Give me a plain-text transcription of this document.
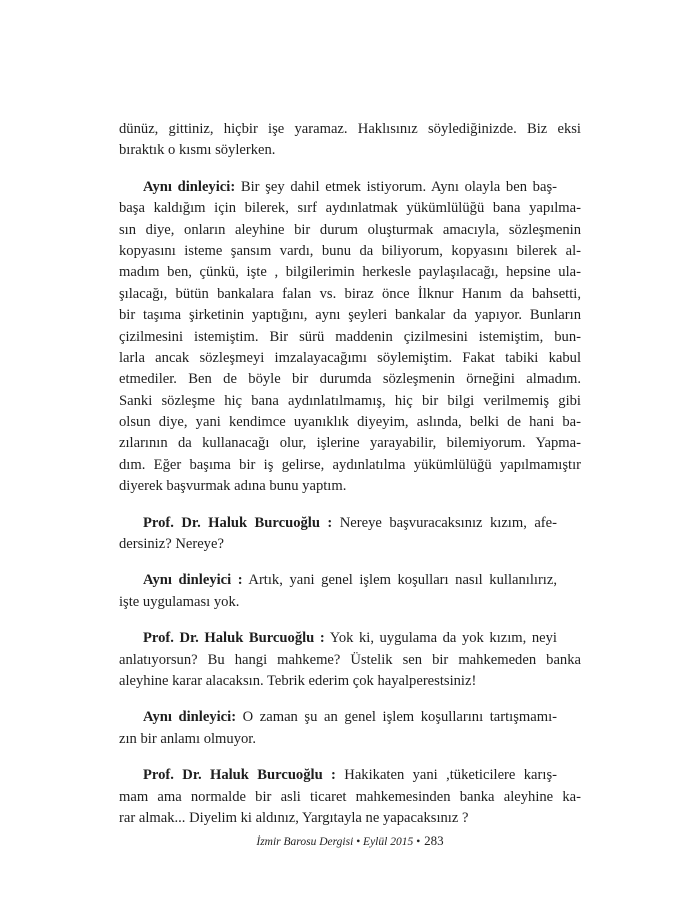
dünüz, gittiniz, hiçbir işe yaramaz. Haklısınız söylediğinizde. Biz eksi
bıraktık o kısmı söylerken.
Aynı dinleyici: Bir şey dahil etmek istiyorum. Aynı olayla ben baş-
başa kaldığım için bilerek, sırf aydınlatmak yükümlülüğü bana yapılma-
sın diye, onların aleyhine bir durum oluşturmak amacıyla, sözleşmenin
kopyasını isteme şansım vardı, bunu da biliyorum, kopyasını bilerek al-
madım ben, çünkü, işte , bilgilerimin herkesle paylaşılacağı, hepsine ula-
şılacağı, bütün bankalara falan vs. biraz önce İlknur Hanım da bahsetti,
bir taşıma şirketinin yaptığını, aynı şeyleri bankalar da yapıyor. Bunların
çizilmesini istemiştim. Bir sürü maddenin çizilmesini istemiştim, bun-
larla ancak sözleşmeyi imzalayacağımı söylemiştim. Fakat tabiki kabul
etmediler. Ben de böyle bir durumda sözleşmenin örneğini almadım.
Sanki sözleşme hiç bana aydınlatılmamış, hiç bir bilgi verilmemiş gibi
olsun diye, yani kendimce uyanıklık diyeyim, aslında, belki de hani ba-
zılarının da kullanacağı olur, işlerine yarayabilir, bilemiyorum. Yapma-
dım. Eğer başıma bir iş gelirse, aydınlatılma yükümlülüğü yapılmamıştır
diyerek başvurmak adına bunu yaptım.
Prof. Dr. Haluk Burcuoğlu : Nereye başvuracaksınız kızım, afe-
dersiniz? Nereye?
Aynı dinleyici : Artık, yani genel işlem koşulları nasıl kullanılırız,
işte uygulaması yok.
Prof. Dr. Haluk Burcuoğlu : Yok ki, uygulama da yok kızım, neyi
anlatıyorsun? Bu hangi mahkeme? Üstelik sen bir mahkemeden banka
aleyhine karar alacaksın. Tebrik ederim çok hayalperestsiniz!
Aynı dinleyici: O zaman şu an genel işlem koşullarını tartışmamı-
zın bir anlamı olmuyor.
Prof. Dr. Haluk Burcuoğlu : Hakikaten yani ,tüketicilere karış-
mam ama normalde bir asli ticaret mahkemesinden banka aleyhine ka-
rar almak... Diyelim ki aldınız, Yargıtayla ne yapacaksınız ?
İzmir Barosu Dergisi • Eylül 2015 • 283
